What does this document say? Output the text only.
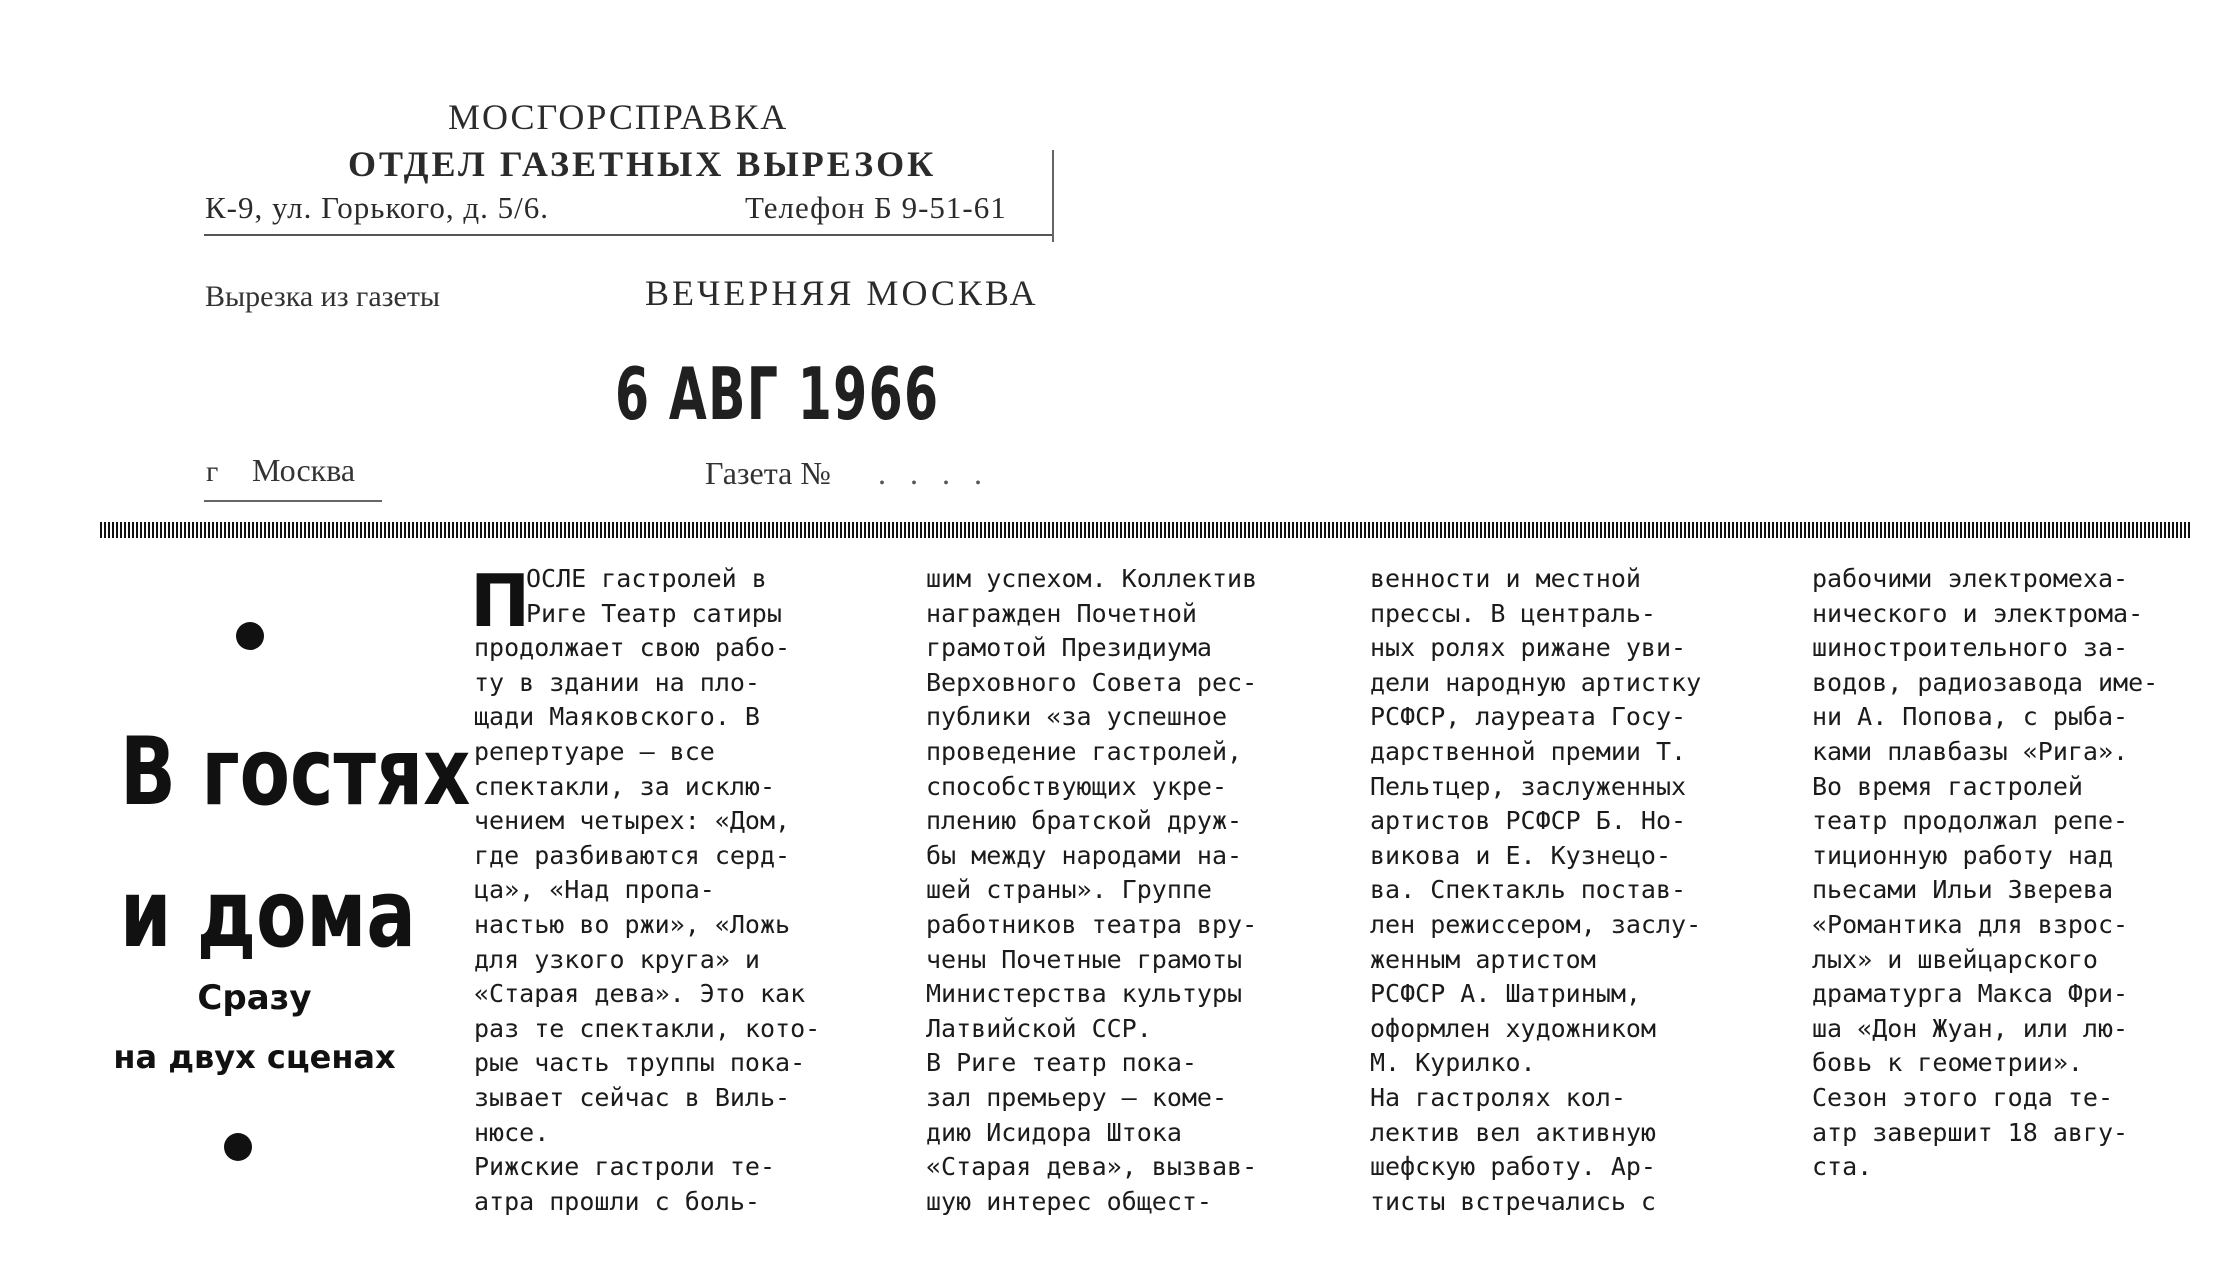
МОСГОРСПРАВКА
ОТДЕЛ ГАЗЕТНЫХ ВЫРЕЗОК
К-9, ул. Горького, д. 5/6.	Телефон Б 9-51-61
Вырезка из газеты	ВЕЧЕРНЯЯ МОСКВА
6 АВГ 1966
г Москва	Газета № . . . .
В гостях
и дома
Сразу
на двух сценах
П
ОСЛЕ гастролей в
Риге Театр сатиры
продолжает свою рабо-
ту в здании на пло-
щади Маяковского. В
репертуаре — все
спектакли, за исклю-
чением четырех: «Дом,
где разбиваются серд-
ца», «Над пропа-
настью во ржи», «Ложь
для узкого круга» и
«Старая дева». Это как
раз те спектакли, кото-
рые часть труппы пока-
зывает сейчас в Виль-
нюсе.
Рижские гастроли те-
атра прошли с боль-
шим успехом. Коллектив
награжден Почетной
грамотой Президиума
Верховного Совета рес-
публики «за успешное
проведение гастролей,
способствующих укре-
плению братской друж-
бы между народами на-
шей страны». Группе
работников театра вру-
чены Почетные грамоты
Министерства культуры
Латвийской ССР.
В Риге театр пока-
зал премьеру — коме-
дию Исидора Штока
«Старая дева», вызвав-
шую интерес общест-
венности и местной
прессы. В централь-
ных ролях рижане уви-
дели народную артистку
РСФСР, лауреата Госу-
дарственной премии Т.
Пельтцер, заслуженных
артистов РСФСР Б. Но-
викова и Е. Кузнецо-
ва. Спектакль постав-
лен режиссером, заслу-
женным артистом
РСФСР А. Шатриным,
оформлен художником
М. Курилко.
На гастролях кол-
лектив вел активную
шефскую работу. Ар-
тисты встречались с
рабочими электромеха-
нического и электрома-
шиностроительного за-
водов, радиозавода име-
ни А. Попова, с рыба-
ками плавбазы «Рига».
Во время гастролей
театр продолжал репе-
тиционную работу над
пьесами Ильи Зверева
«Романтика для взрос-
лых» и швейцарского
драматурга Макса Фри-
ша «Дон Жуан, или лю-
бовь к геометрии».
Сезон этого года те-
атр завершит 18 авгу-
ста.
